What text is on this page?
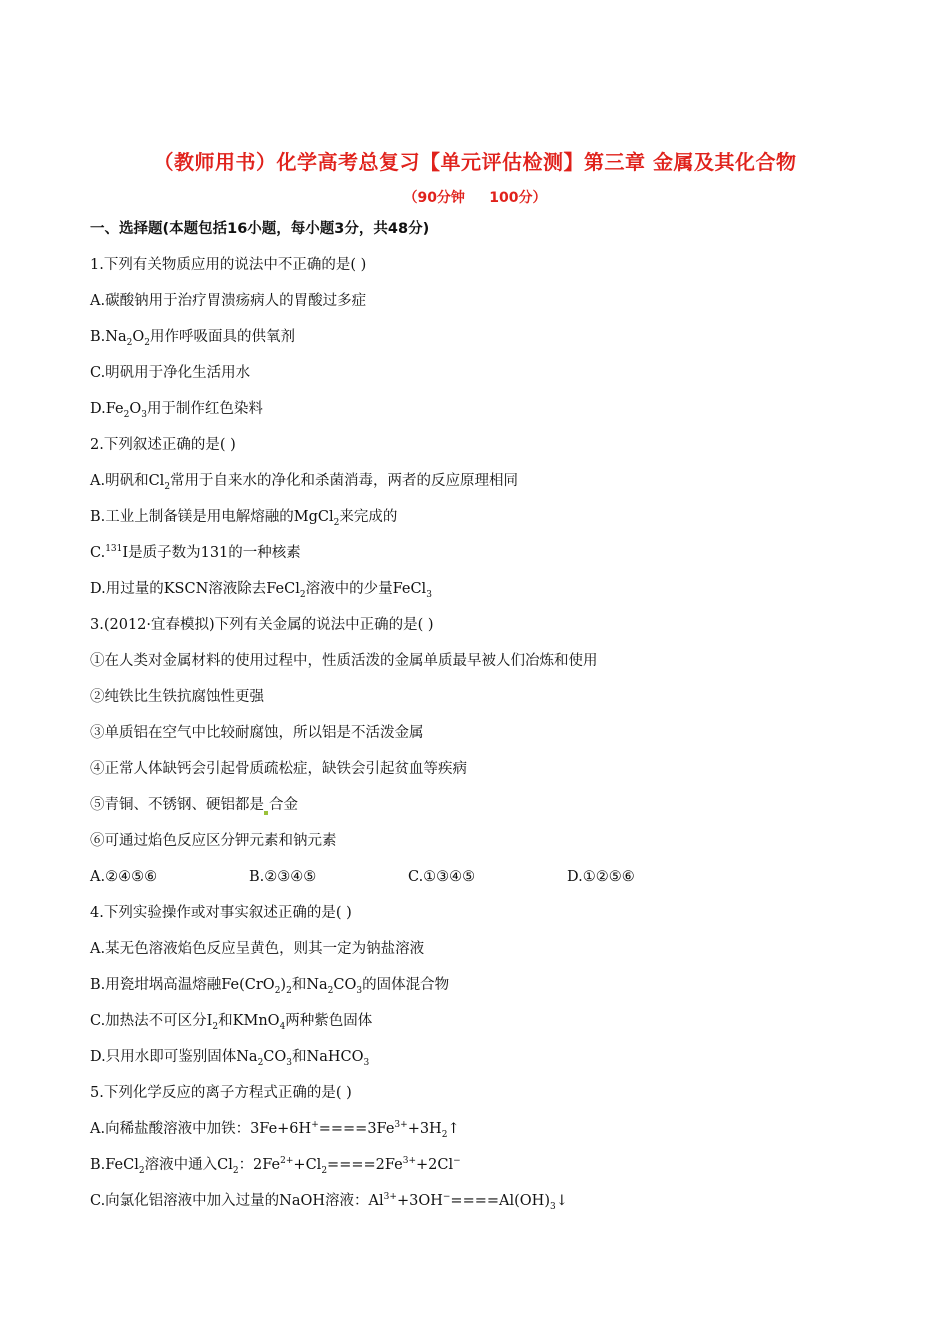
（教师用书）化学高考总复习【单元评估检测】第三章 金属及其化合物
（90分钟     100分）
一、选择题(本题包括16小题，每小题3分，共48分)
1.下列有关物质应用的说法中不正确的是( )
A.碳酸钠用于治疗胃溃疡病人的胃酸过多症
$B.Na_2O_2$用作呼吸面具的供氧剂
C.明矾用于净化生活用水
$D.Fe_2O_3$用于制作红色染料
2.下列叙述正确的是( )
A.明矾和$Cl_2$常用于自来水的净化和杀菌消毒，两者的反应原理相同
B.工业上制备镁是用电解熔融的MgCl$_2$来完成的
C.$^{131}$I是质子数为131的一种核素
D.用过量的KSCN溶液除去FeCl$_2$溶液中的少量FeCl$_3$
3.(2012·宜春模拟)下列有关金属的说法中正确的是( )
①在人类对金属材料的使用过程中，性质活泼的金属单质最早被人们冶炼和使用
②纯铁比生铁抗腐蚀性更强
③单质铝在空气中比较耐腐蚀，所以铝是不活泼金属
④正常人体缺钙会引起骨质疏松症，缺铁会引起贫血等疾病
⑤青铜、不锈钢、硬铝都是 合金
⑥可通过焰色反应区分钾元素和钠元素
A.②④⑤⑥	B.②③④⑤	C.①③④⑤	D.①②⑤⑥
4.下列实验操作或对事实叙述正确的是( )
A.某无色溶液焰色反应呈黄色，则其一定为钠盐溶液
B.用瓷坩埚高温熔融$Fe(CrO_2)_2$和$Na_2CO_3$的固体混合物
C.加热法不可区分$I_2$和KMnO$_4$两种紫色固体
D.只用水即可鉴别固体$Na_2CO_3$和NaHCO$_3$
5.下列化学反应的离子方程式正确的是( )
A.向稀盐酸溶液中加铁：$3Fe+6H^+====3Fe^{3+}+3H_2↑$
B.FeCl$_2$溶液中通入$Cl_2$：$2Fe^{2+}+Cl_2====2Fe^{3+}+2Cl^-$
C.向氯化铝溶液中加入过量的NaOH溶液：$Al^{3+}+3OH^-====Al(OH)_3↓$
